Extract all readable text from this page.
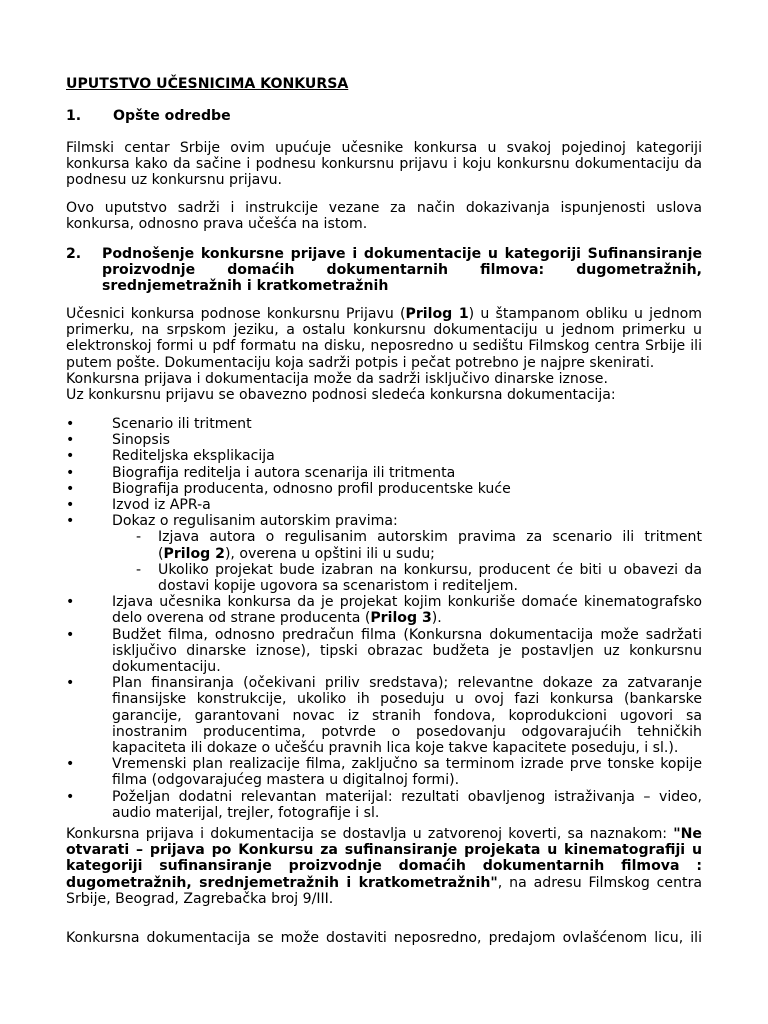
UPUTSTVO UČESNICIMA KONKURSA

1. Opšte odredbe

Filmski centar Srbije ovim upućuje učesnike konkursa u svakoj pojedinoj kategoriji konkursa kako da sačine i podnesu konkursnu prijavu i koju konkursnu dokumentaciju da podnesu uz konkursnu prijavu.

Ovo uputstvo sadrži i instrukcije vezane za način dokazivanja ispunjenosti uslova konkursa, odnosno prava učešća na istom.

2. Podnošenje konkursne prijave i dokumentacije u kategoriji Sufinansiranje
proizvodnje domaćih dokumentarnih filmova: dugometražnih,
srednjemetražnih i kratkometražnih

Učesnici konkursa podnose konkursnu Prijavu (Prilog 1) u štampanom obliku u jednom primerku, na srpskom jeziku, a ostalu konkursnu dokumentaciju u jednom primerku u elektronskoj formi u pdf formatu na disku, neposredno u sedištu Filmskog centra Srbije ili putem pošte. Dokumentaciju koja sadrži potpis i pečat potrebno je najpre skenirati.

Konkursna prijava i dokumentacija može da sadrži isključivo dinarske iznose.

Uz konkursnu prijavu se obavezno podnosi sledeća konkursna dokumentacija:

• Scenario ili tritment
• Sinopsis
• Rediteljska eksplikacija
• Biografija reditelja i autora scenarija ili tritmenta
• Biografija producenta, odnosno profil producentske kuće
• Izvod iz APR-a
• Dokaz o regulisanim autorskim pravima:
- Izjava autora o regulisanim autorskim pravima za scenario ili tritment (Prilog 2), overena u opštini ili u sudu;
- Ukoliko projekat bude izabran na konkursu, producent će biti u obavezi da dostavi kopije ugovora sa scenaristom i rediteljem.
• Izjava učesnika konkursa da je projekat kojim konkuriše domaće kinematografsko delo overena od strane producenta (Prilog 3).
• Budžet filma, odnosno predračun filma (Konkursna dokumentacija može sadržati isključivo dinarske iznose), tipski obrazac budžeta je postavljen uz konkursnu dokumentaciju.
• Plan finansiranja (očekivani priliv sredstava); relevantne dokaze za zatvaranje finansijske konstrukcije, ukoliko ih poseduju u ovoj fazi konkursa (bankarske garancije, garantovani novac iz stranih fondova, koprodukcioni ugovori sa inostranim producentima, potvrde o posedovanju odgovarajućih tehničkih kapaciteta ili dokaze o učešću pravnih lica koje takve kapacitete poseduju, i sl.).
• Vremenski plan realizacije filma, zaključno sa terminom izrade prve tonske kopije filma (odgovarajućeg mastera u digitalnoj formi).
• Poželjan dodatni relevantan materijal: rezultati obavljenog istraživanja – video, audio materijal, trejler, fotografije i sl.

Konkursna prijava i dokumentacija se dostavlja u zatvorenoj koverti, sa naznakom: "Ne otvarati – prijava po Konkursu za sufinansiranje projekata u kinematografiji u kategoriji sufinansiranje proizvodnje domaćih dokumentarnih filmova : dugometražnih, srednjemetražnih i kratkometražnih", na adresu Filmskog centra Srbije, Beograd, Zagrebačka broj 9/III.

Konkursna dokumentacija se može dostaviti neposredno, predajom ovlašćenom licu, ili
